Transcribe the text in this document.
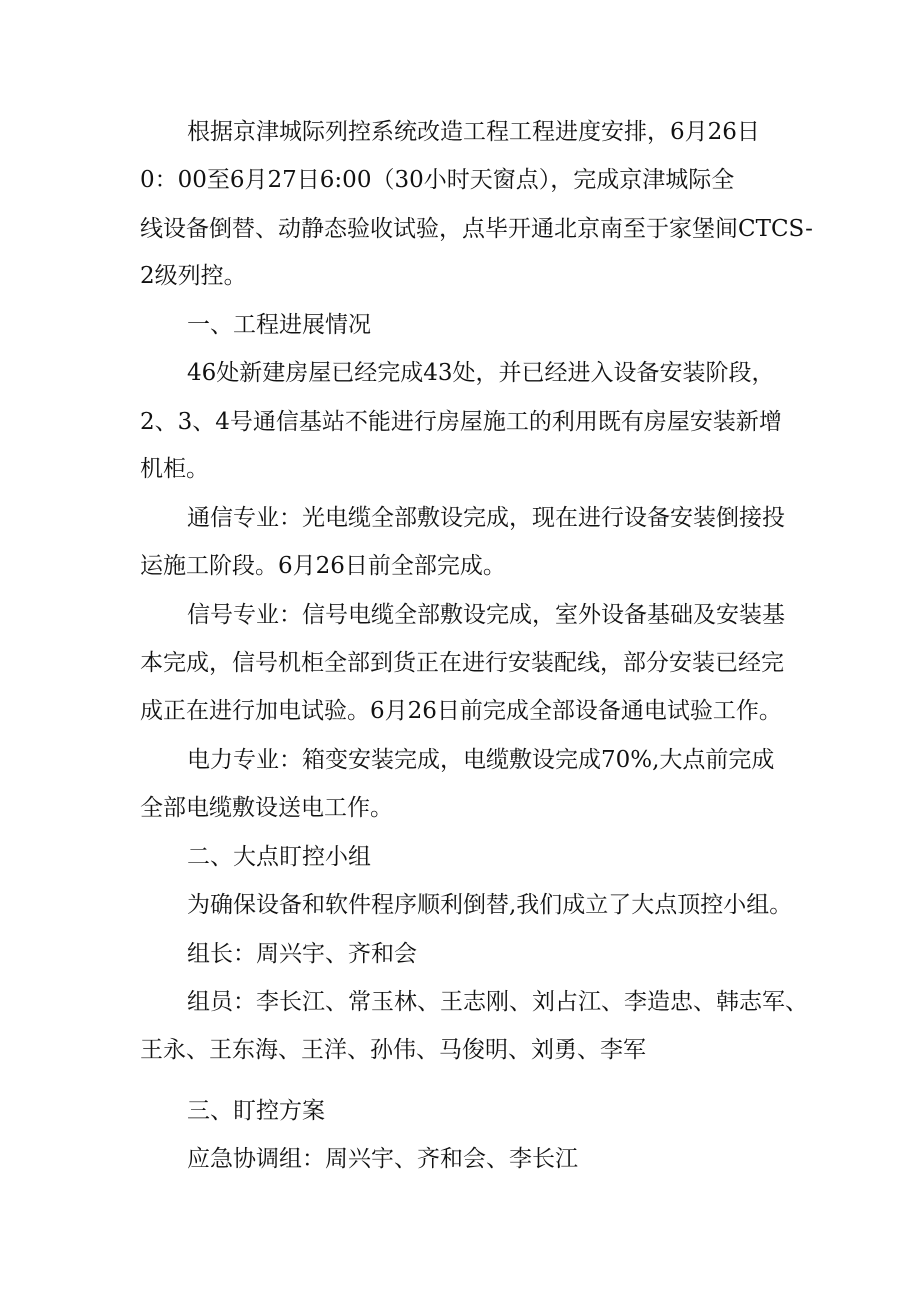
根据京津城际列控系统改造工程工程进度安排，6月26日
0：00至6月27日6:00（30小时天窗点），完成京津城际全
线设备倒替、动静态验收试验，点毕开通北京南至于家堡间CTCS-
2级列控。
一、工程进展情况
46处新建房屋已经完成43处，并已经进入设备安装阶段，
2、3、4号通信基站不能进行房屋施工的利用既有房屋安装新增
机柜。
通信专业：光电缆全部敷设完成，现在进行设备安装倒接投
运施工阶段。6月26日前全部完成。
信号专业：信号电缆全部敷设完成，室外设备基础及安装基
本完成，信号机柜全部到货正在进行安装配线，部分安装已经完
成正在进行加电试验。6月26日前完成全部设备通电试验工作。
电力专业：箱变安装完成，电缆敷设完成70%,大点前完成
全部电缆敷设送电工作。
二、大点盯控小组
为确保设备和软件程序顺利倒替,我们成立了大点顶控小组。
组长：周兴宇、齐和会
组员：李长江、常玉林、王志刚、刘占江、李造忠、韩志军、
王永、王东海、王洋、孙伟、马俊明、刘勇、李军
三、盯控方案
应急协调组：周兴宇、齐和会、李长江
